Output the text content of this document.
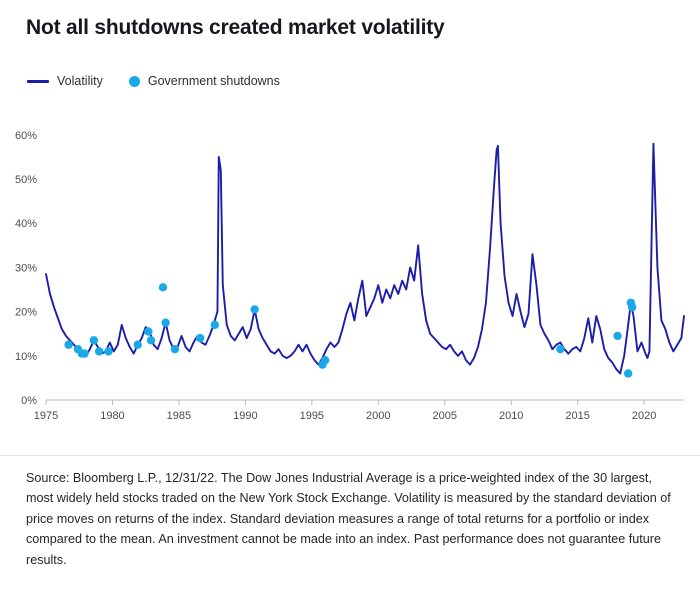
Not all shutdowns created market volatility
Volatility	Government shutdowns
0%
10%
20%
30%
40%
50%
60%
1975	1980	1985	1990	1995	2000	2005	2010	2015	2020
Source: Bloomberg L.P., 12/31/22. The Dow Jones Industrial Average is a price-weighted index of the 30 largest, most widely held stocks traded on the New York Stock Exchange. Volatility is measured by the standard deviation of price moves on returns of the index. Standard deviation measures a range of total returns for a portfolio or index compared to the mean. An investment cannot be made into an index. Past performance does not guarantee future results.
